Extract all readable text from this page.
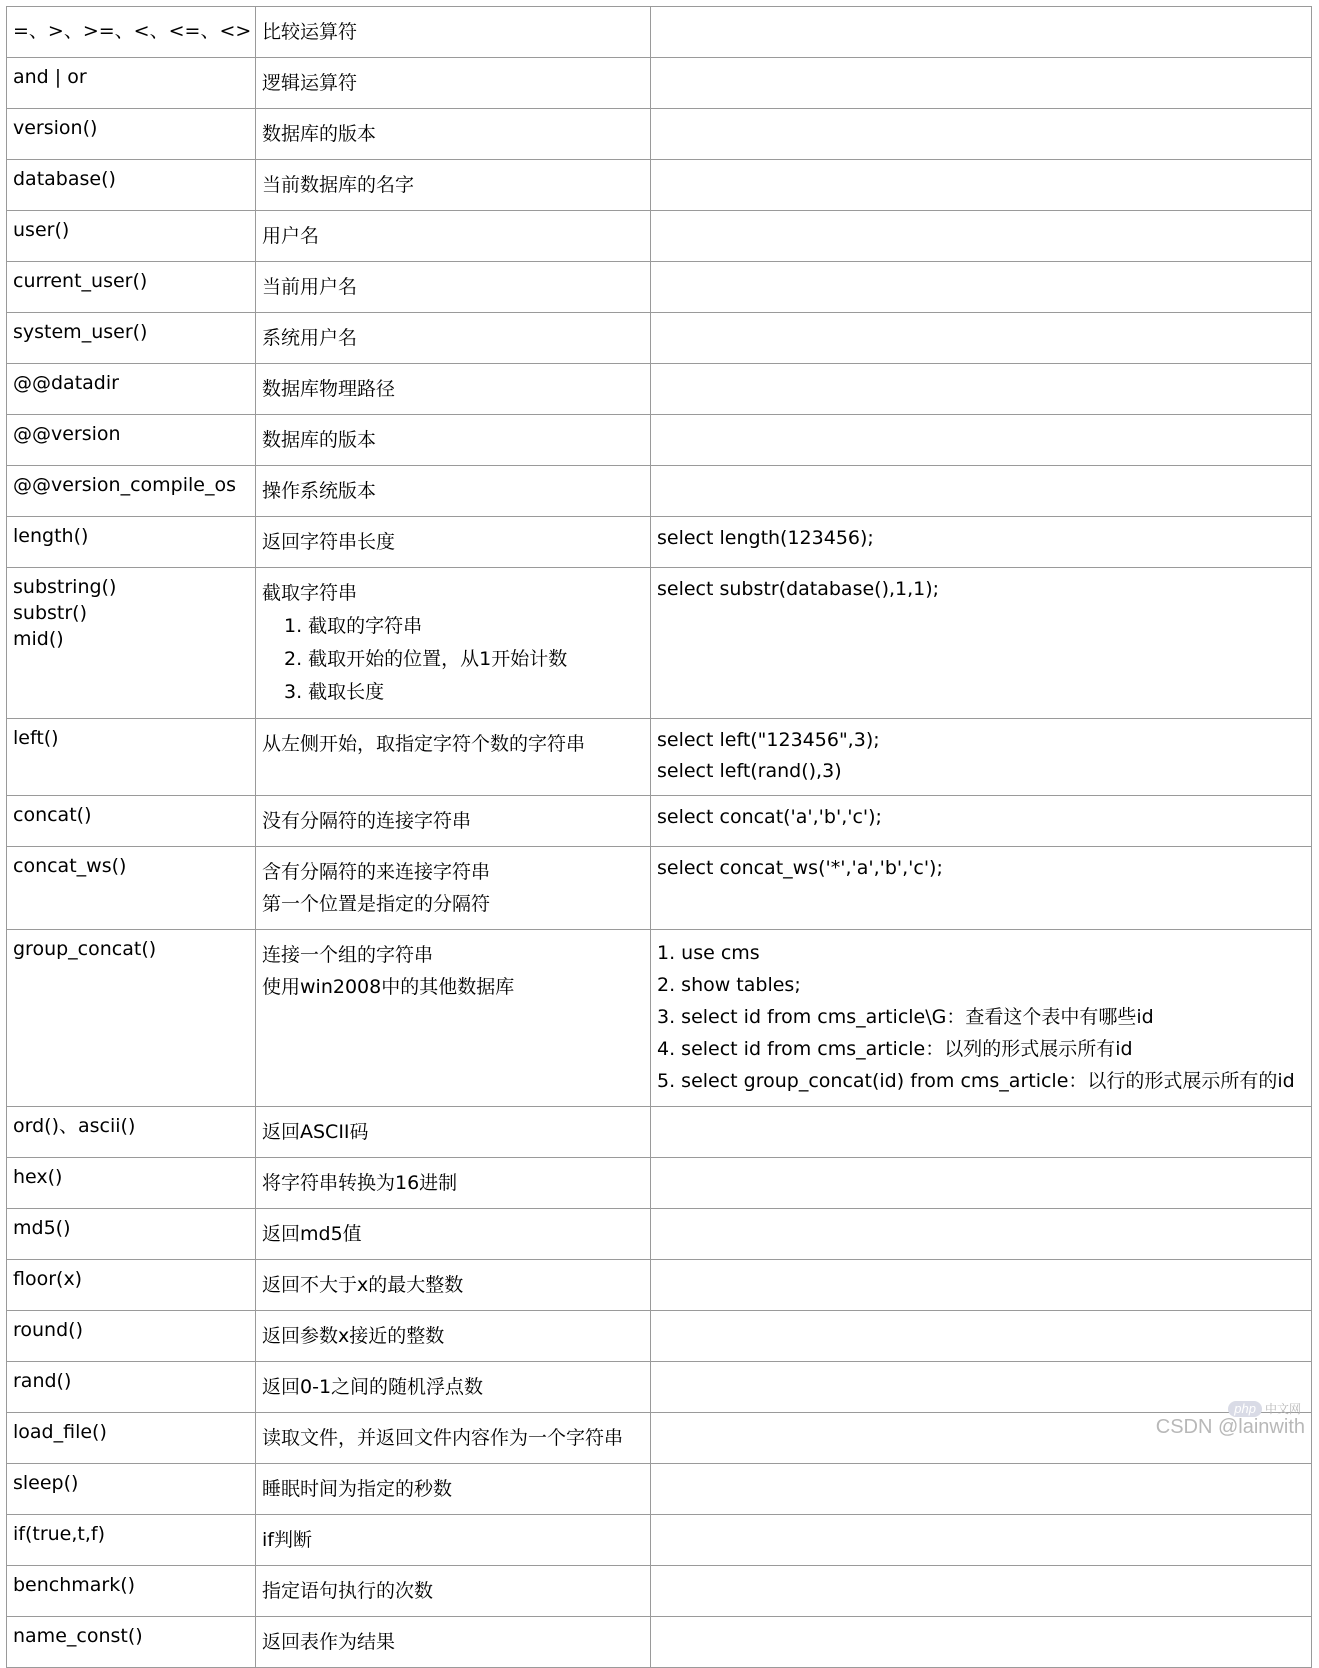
=、>、>=、<、<=、<>	比较运算符	

and | or	逻辑运算符	

version()	数据库的版本	

database()	当前数据库的名字	

user()	用户名	

current_user()	当前用户名	

system_user()	系统用户名	

@@datadir	数据库物理路径	

@@version	数据库的版本	

@@version_compile_os	操作系统版本	

length()	返回字符串长度	select length(123456);

substring()
substr()
mid()	截取字符串
1. 截取的字符串
2. 截取开始的位置，从1开始计数
3. 截取长度	select substr(database(),1,1);

left()	从左侧开始，取指定字符个数的字符串	select left("123456",3);
select left(rand(),3)

concat()	没有分隔符的连接字符串	select concat('a','b','c');

concat_ws()	含有分隔符的来连接字符串
第一个位置是指定的分隔符	select concat_ws('*','a','b','c');

group_concat()	连接一个组的字符串
使用win2008中的其他数据库	1. use cms
2. show tables;
3. select id from cms_article\G：查看这个表中有哪些id
4. select id from cms_article：以列的形式展示所有id
5. select group_concat(id) from cms_article：以行的形式展示所有的id

ord()、ascii()	返回ASCII码	

hex()	将字符串转换为16进制	

md5()	返回md5值	

floor(x)	返回不大于x的最大整数	

round()	返回参数x接近的整数	

rand()	返回0-1之间的随机浮点数	

load_file()	读取文件，并返回文件内容作为一个字符串	

sleep()	睡眠时间为指定的秒数	

if(true,t,f)	if判断	

benchmark()	指定语句执行的次数	

name_const()	返回表作为结果	

php 中文网
CSDN @lainwith
